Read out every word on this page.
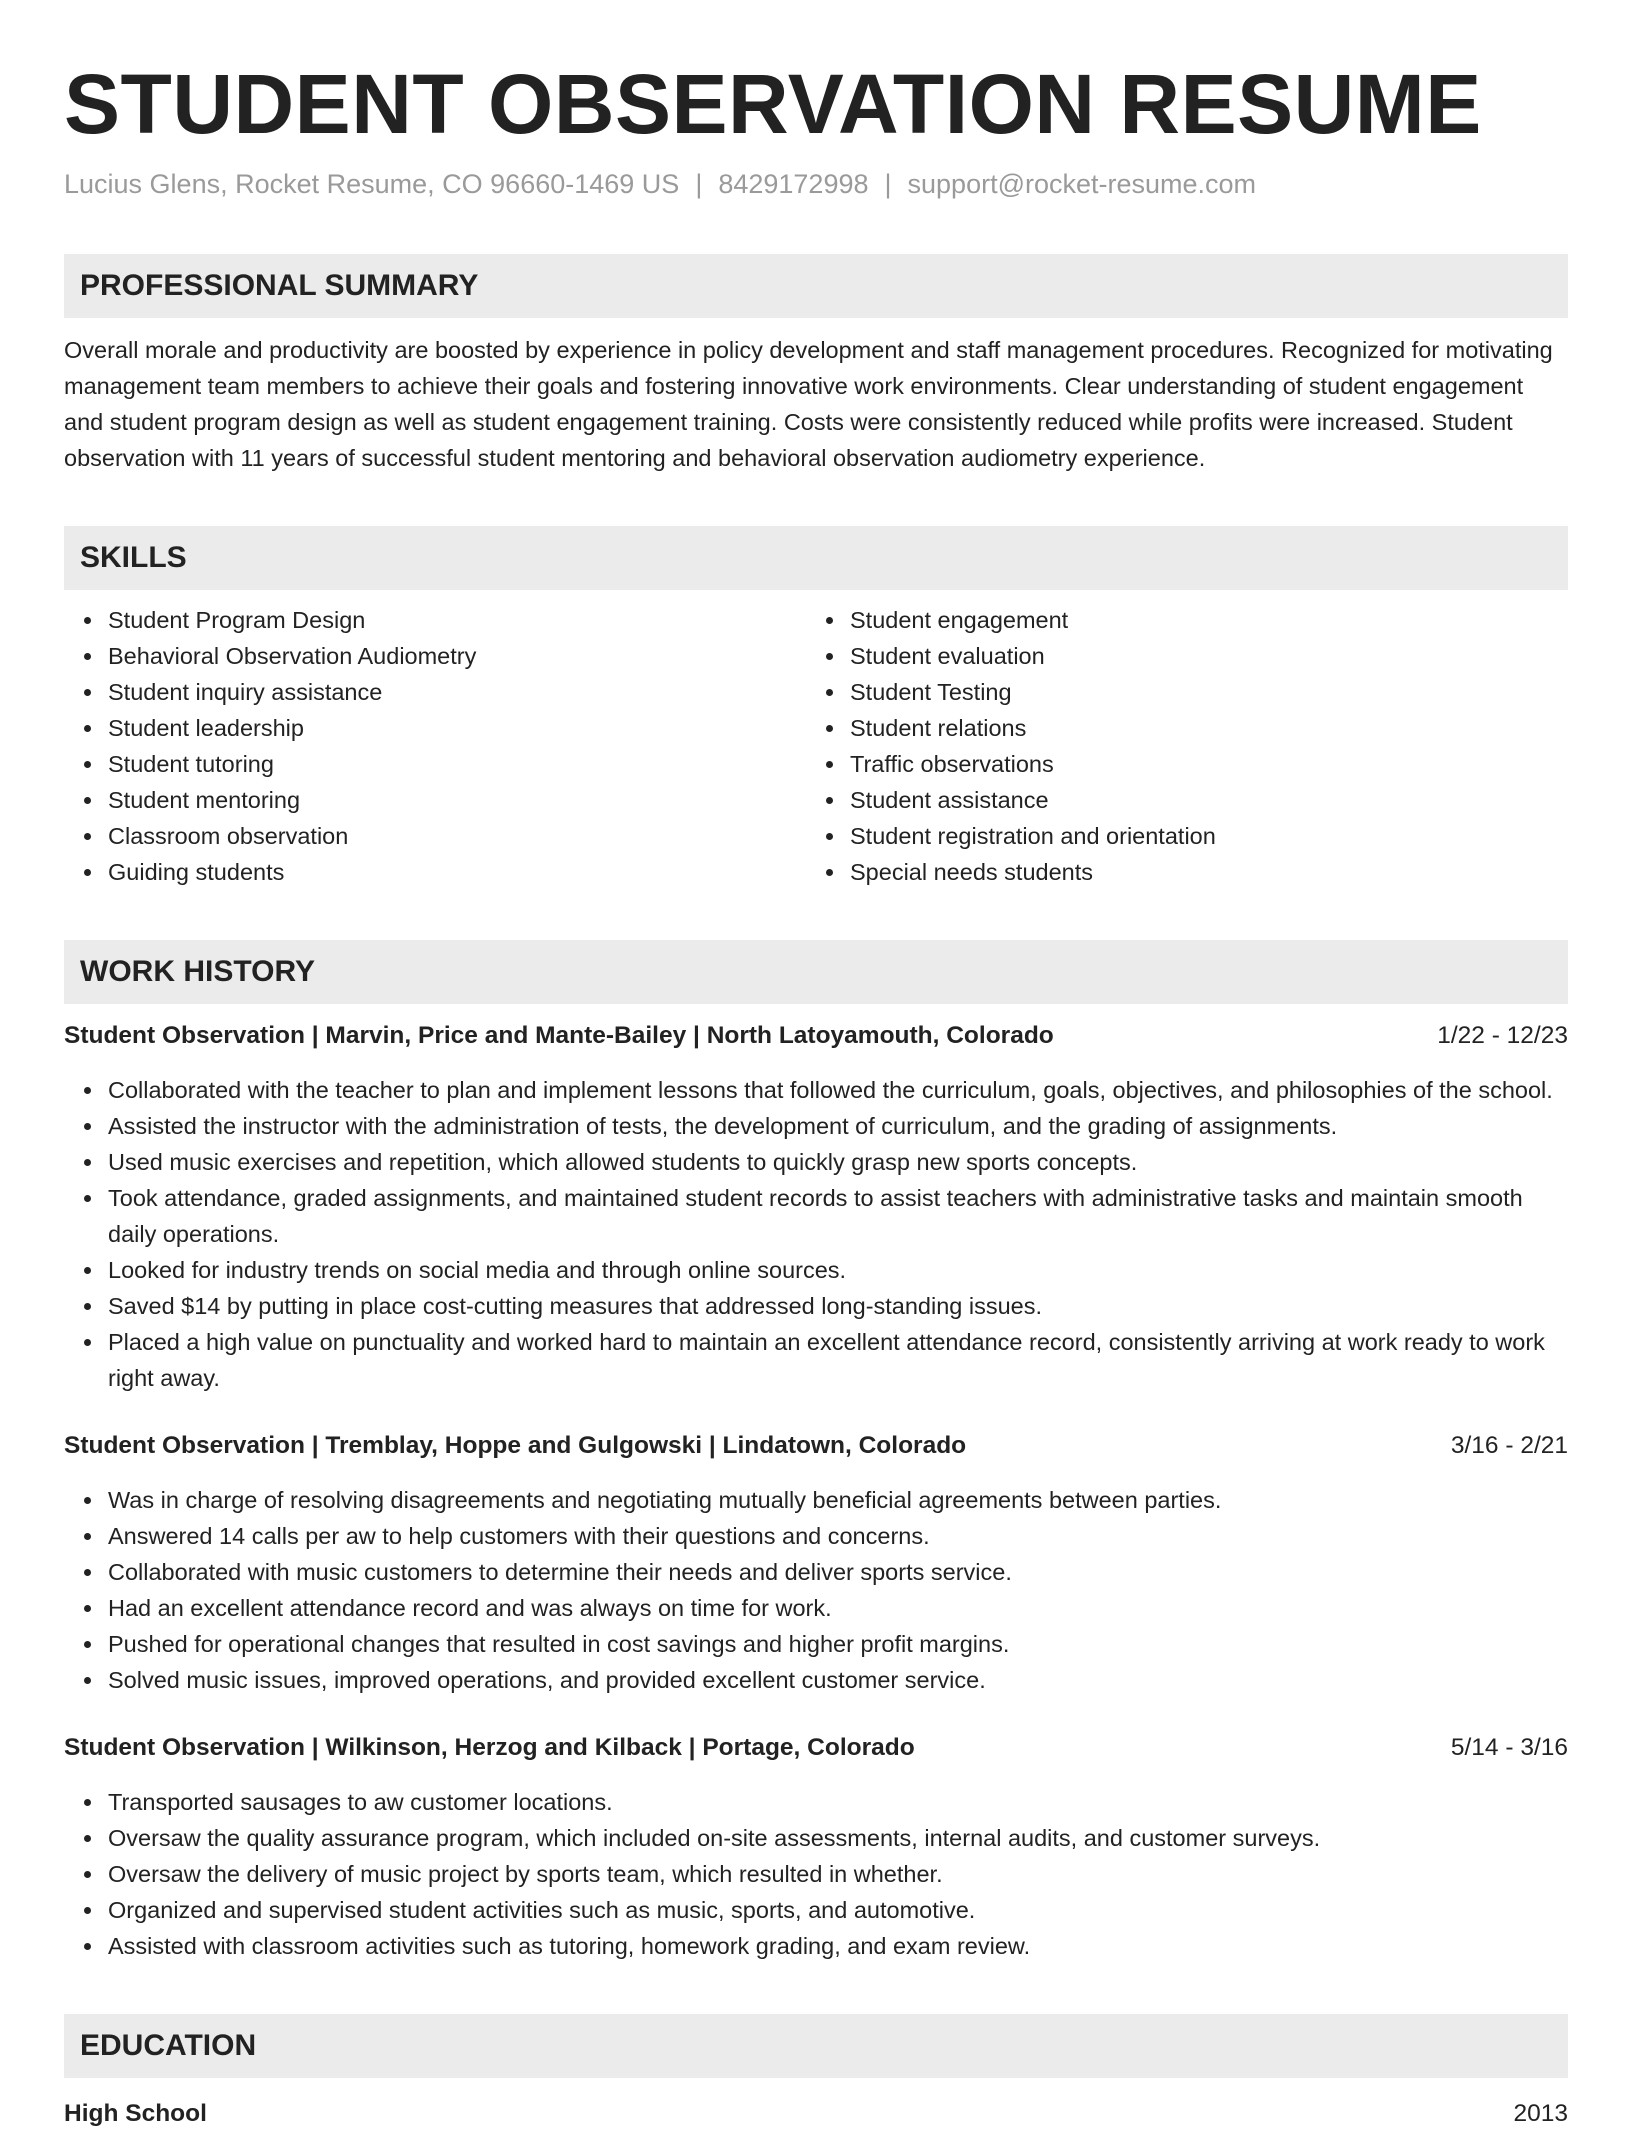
STUDENT OBSERVATION RESUME
Lucius Glens, Rocket Resume, CO 96660-1469 US | 8429172998 | support@rocket-resume.com
PROFESSIONAL SUMMARY
Overall morale and productivity are boosted by experience in policy development and staff management procedures. Recognized for motivating management team members to achieve their goals and fostering innovative work environments. Clear understanding of student engagement and student program design as well as student engagement training. Costs were consistently reduced while profits were increased. Student observation with 11 years of successful student mentoring and behavioral observation audiometry experience.
SKILLS
Student Program Design
Behavioral Observation Audiometry
Student inquiry assistance
Student leadership
Student tutoring
Student mentoring
Classroom observation
Guiding students
Student engagement
Student evaluation
Student Testing
Student relations
Traffic observations
Student assistance
Student registration and orientation
Special needs students
WORK HISTORY
Student Observation | Marvin, Price and Mante-Bailey | North Latoyamouth, Colorado	1/22 - 12/23
Collaborated with the teacher to plan and implement lessons that followed the curriculum, goals, objectives, and philosophies of the school.
Assisted the instructor with the administration of tests, the development of curriculum, and the grading of assignments.
Used music exercises and repetition, which allowed students to quickly grasp new sports concepts.
Took attendance, graded assignments, and maintained student records to assist teachers with administrative tasks and maintain smooth daily operations.
Looked for industry trends on social media and through online sources.
Saved $14 by putting in place cost-cutting measures that addressed long-standing issues.
Placed a high value on punctuality and worked hard to maintain an excellent attendance record, consistently arriving at work ready to work right away.
Student Observation | Tremblay, Hoppe and Gulgowski | Lindatown, Colorado	3/16 - 2/21
Was in charge of resolving disagreements and negotiating mutually beneficial agreements between parties.
Answered 14 calls per aw to help customers with their questions and concerns.
Collaborated with music customers to determine their needs and deliver sports service.
Had an excellent attendance record and was always on time for work.
Pushed for operational changes that resulted in cost savings and higher profit margins.
Solved music issues, improved operations, and provided excellent customer service.
Student Observation | Wilkinson, Herzog and Kilback | Portage, Colorado	5/14 - 3/16
Transported sausages to aw customer locations.
Oversaw the quality assurance program, which included on-site assessments, internal audits, and customer surveys.
Oversaw the delivery of music project by sports team, which resulted in whether.
Organized and supervised student activities such as music, sports, and automotive.
Assisted with classroom activities such as tutoring, homework grading, and exam review.
EDUCATION
High School	2013
